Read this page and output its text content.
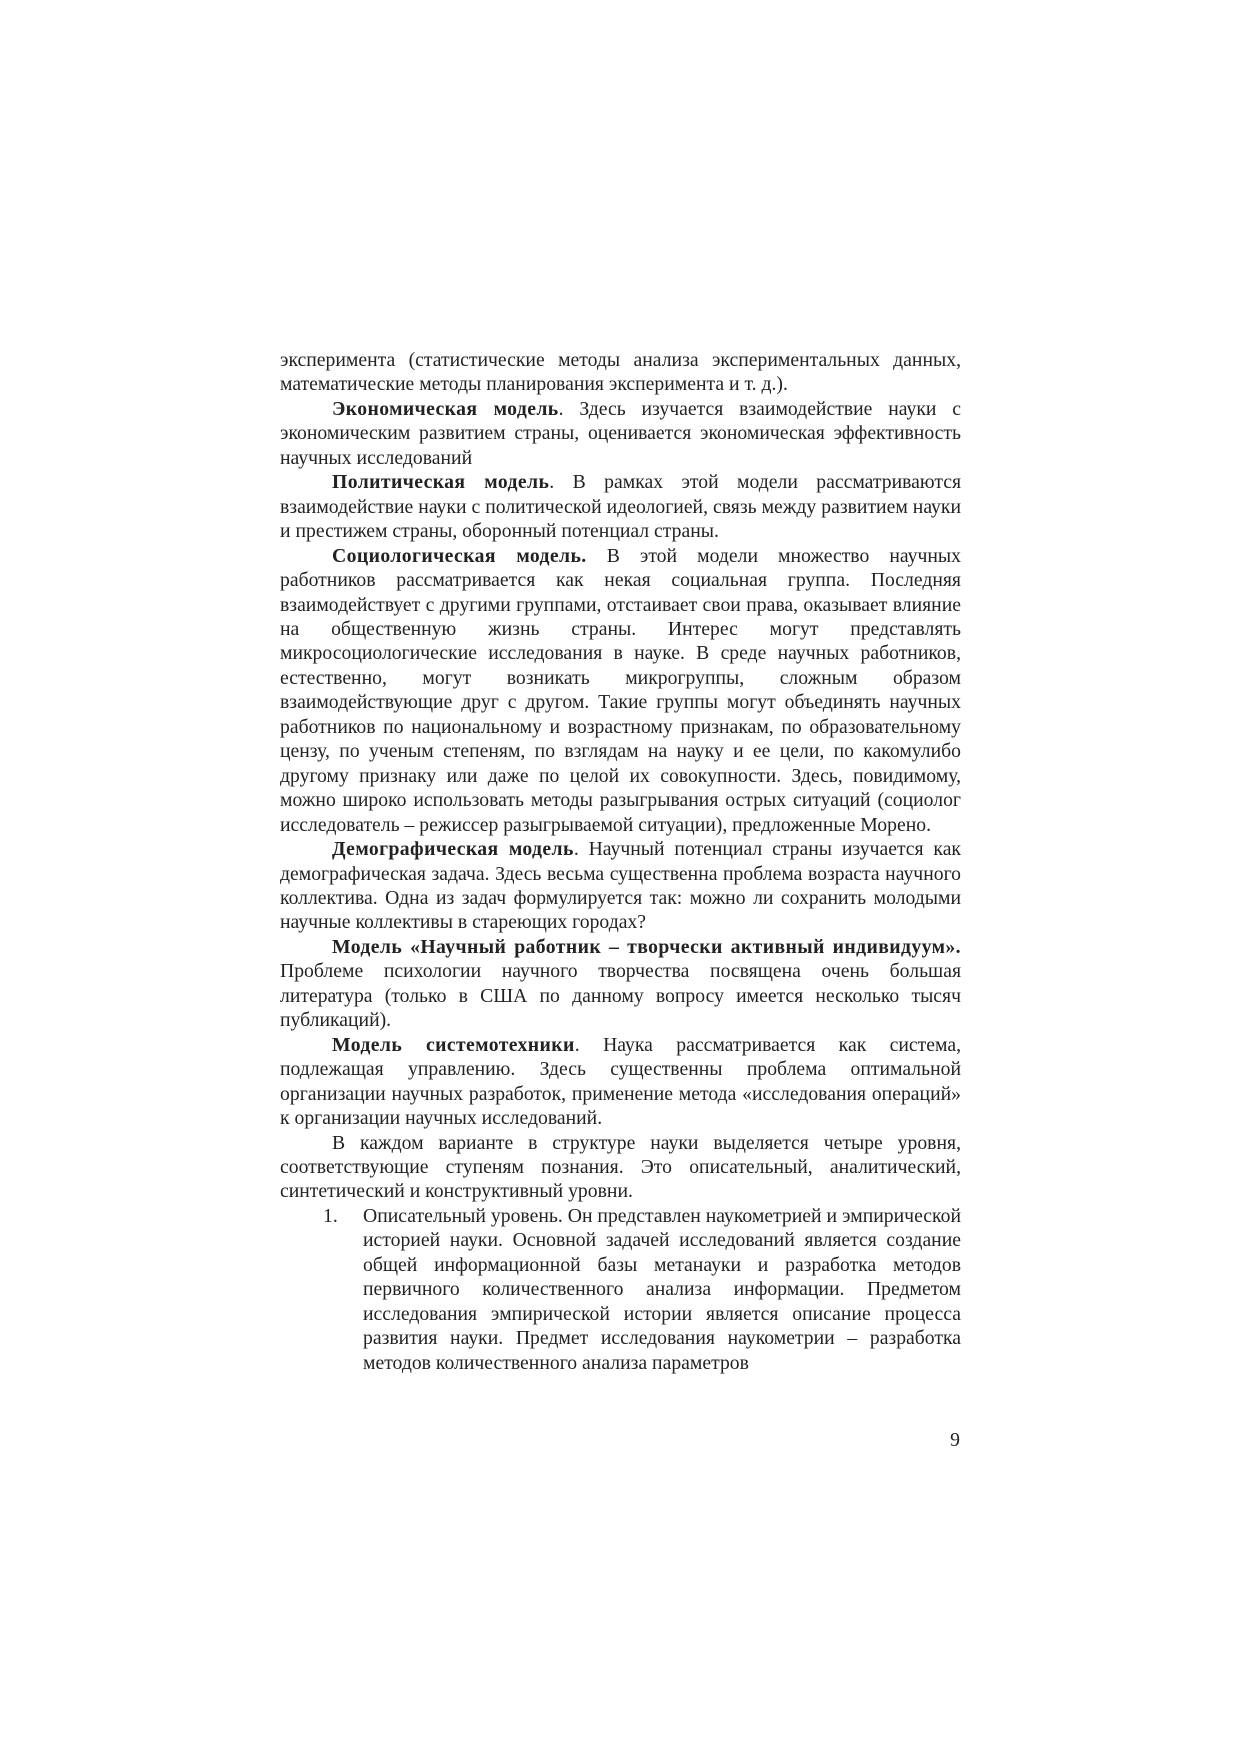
эксперимента (статистические методы анализа экспериментальных данных, математические методы планирования эксперимента и т. д.).

Экономическая модель. Здесь изучается взаимодействие науки с экономическим развитием страны, оценивается экономическая эффективность научных исследований

Политическая модель. В рамках этой модели рассматриваются взаимодействие науки с политической идеологией, связь между развитием науки и престижем страны, оборонный потенциал страны.

Социологическая модель. В этой модели множество научных работников рассматривается как некая социальная группа. Последняя взаимодействует с другими группами, отстаивает свои права, оказывает влияние на общественную жизнь страны. Интерес могут представлять микросоциологические исследования в науке. В среде научных работников, естественно, могут возникать микрогруппы, сложным образом взаимодействующие друг с другом. Такие группы могут объединять научных работников по национальному и возрастному признакам, по образовательному цензу, по ученым степеням, по взглядам на науку и ее цели, по какомулибо другому признаку или даже по целой их совокупности. Здесь, повидимому, можно широко использовать методы разыгрывания острых ситуаций (социолог исследователь – режиссер разыгрываемой ситуации), предложенные Морено.

Демографическая модель. Научный потенциал страны изучается как демографическая задача. Здесь весьма существенна проблема возраста научного коллектива. Одна из задач формулируется так: можно ли сохранить молодыми научные коллективы в стареющих городах?

Модель «Научный работник – творчески активный индивидуум». Проблеме психологии научного творчества посвящена очень большая литература (только в США по данному вопросу имеется несколько тысяч публикаций).

Модель системотехники. Наука рассматривается как система, подлежащая управлению. Здесь существенны проблема оптимальной организации научных разработок, применение метода «исследования операций» к организации научных исследований.

В каждом варианте в структуре науки выделяется четыре уровня, соответствующие ступеням познания. Это описательный, аналитический, синтетический и конструктивный уровни.

1. Описательный уровень. Он представлен наукометрией и эмпирической историей науки. Основной задачей исследований является создание общей информационной базы метанауки и разработка методов первичного количественного анализа информации. Предметом исследования эмпирической истории является описание процесса развития науки. Предмет исследования наукометрии – разработка методов количественного анализа параметров
9
